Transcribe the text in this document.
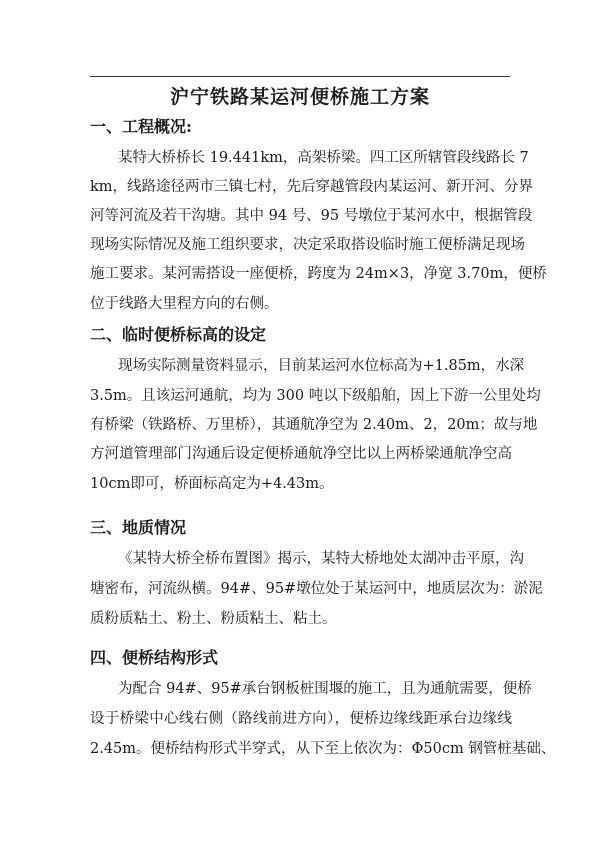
沪宁铁路某运河便桥施工方案
一、工程概况:
某特大桥桥长 19.441km，高架桥梁。四工区所辖管段线路长 7
km，线路途径两市三镇七村，先后穿越管段内某运河、新开河、分界
河等河流及若干沟塘。其中 94 号、95 号墩位于某河水中，根据管段
现场实际情况及施工组织要求，决定采取搭设临时施工便桥满足现场
施工要求。某河需搭设一座便桥，跨度为 24m×3，净宽 3.70m，便桥
位于线路大里程方向的右侧。
二、临时便桥标高的设定
现场实际测量资料显示，目前某运河水位标高为+1.85m，水深
3.5m。且该运河通航，均为 300 吨以下级船舶，因上下游一公里处均
有桥梁（铁路桥、万里桥），其通航净空为 2.40m、2，20m；故与地
方河道管理部门沟通后设定便桥通航净空比以上两桥梁通航净空高
10cm即可，桥面标高定为+4.43m。
三、地质情况
《某特大桥全桥布置图》揭示，某特大桥地处太湖冲击平原，沟
塘密布，河流纵横。94#、95#墩位处于某运河中，地质层次为：淤泥
质粉质粘土、粉土、粉质粘土、粘土。
四、便桥结构形式
为配合 94#、95#承台钢板桩围堰的施工，且为通航需要，便桥
设于桥梁中心线右侧（路线前进方向），便桥边缘线距承台边缘线
2.45m。便桥结构形式半穿式，从下至上依次为：Φ50cm 钢管桩基础、
